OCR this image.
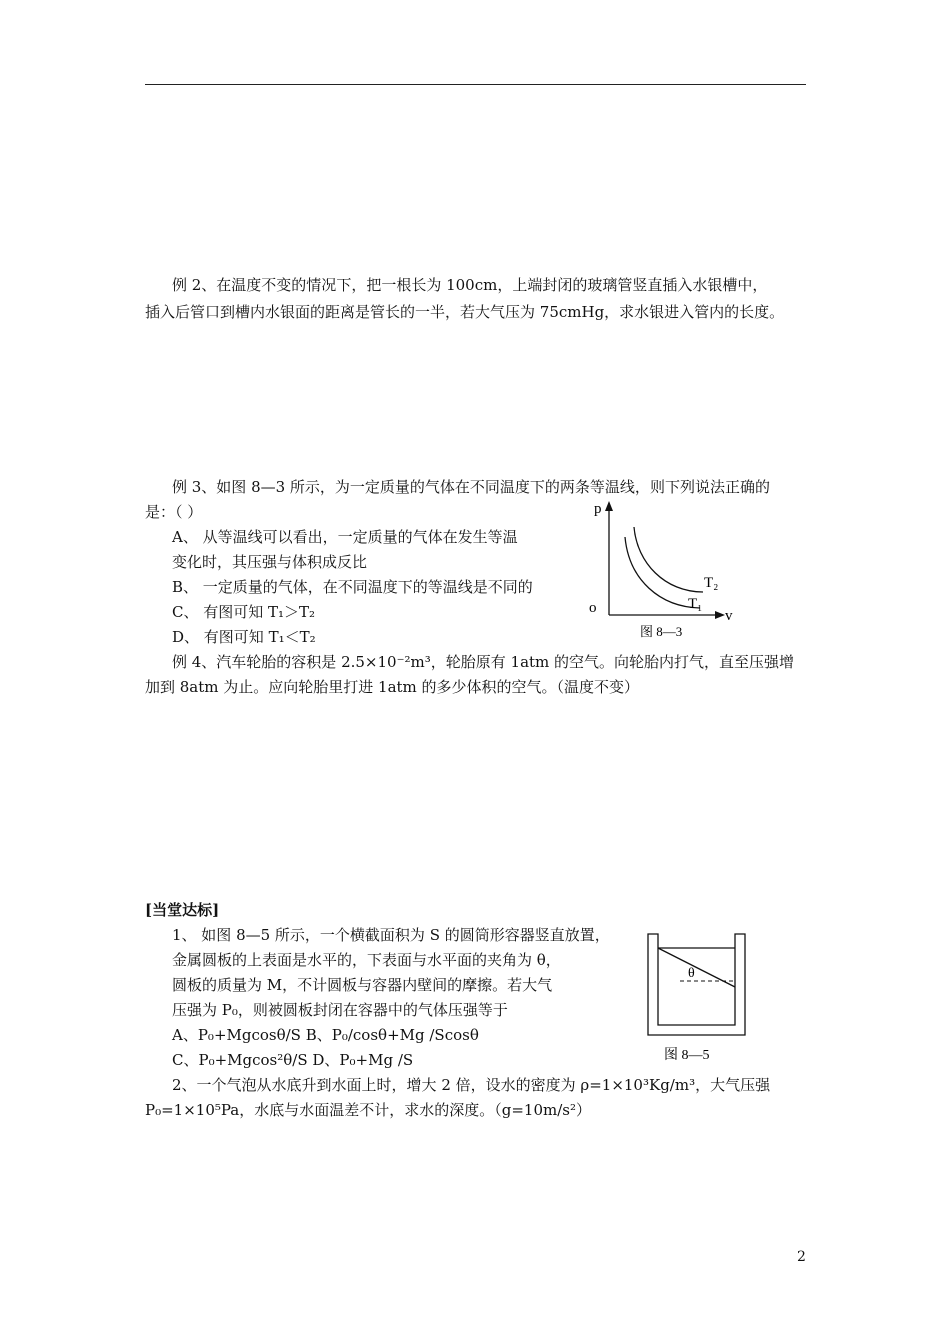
例 2、在温度不变的情况下，把一根长为 100cm，上端封闭的玻璃管竖直插入水银槽中，
插入后管口到槽内水银面的距离是管长的一半，若大气压为 75cmHg，求水银进入管内的长度。
例 3、如图 8—3 所示，为一定质量的气体在不同温度下的两条等温线，则下列说法正确的
是：（ ）
A、 从等温线可以看出，一定质量的气体在发生等温
变化时，其压强与体积成反比
B、 一定质量的气体，在不同温度下的等温线是不同的
C、 有图可知 T₁＞T₂
D、 有图可知 T₁＜T₂
p
v
o
T₂
T₁
图 8—3
例 4、汽车轮胎的容积是 2.5×10⁻²m³，轮胎原有 1atm 的空气。向轮胎内打气，直至压强增
加到 8atm 为止。应向轮胎里打进 1atm 的多少体积的空气。（温度不变）
[当堂达标]
1、 如图 8—5 所示，一个横截面积为 S 的圆筒形容器竖直放置，
金属圆板的上表面是水平的，下表面与水平面的夹角为 θ，
圆板的质量为 M，不计圆板与容器内壁间的摩擦。若大气
压强为 P₀，则被圆板封闭在容器中的气体压强等于
A、P₀+Mgcosθ/S B、P₀/cosθ+Mg /Scosθ
C、P₀+Mgcos²θ/S D、P₀+Mg /S
θ
图 8—5
2、一个气泡从水底升到水面上时，增大 2 倍，设水的密度为 ρ=1×10³Kg/m³，大气压强
P₀=1×10⁵Pa，水底与水面温差不计，求水的深度。（g=10m/s²）
2
